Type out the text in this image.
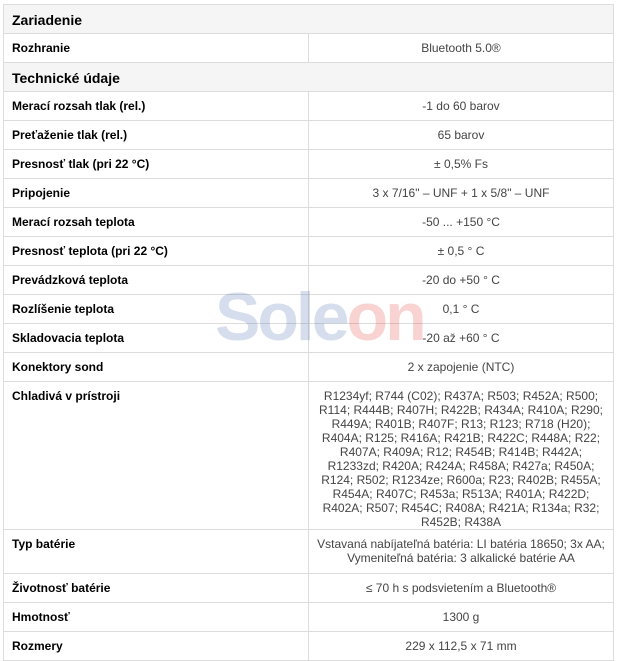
Zariadenie	
Rozhranie	Bluetooth 5.0®
Technické údaje	
Merací rozsah tlak (rel.)	-1 do 60 barov
Preťaženie tlak (rel.)	65 barov
Presnosť tlak (pri 22 °C)	± 0,5% Fs
Pripojenie	3 x 7/16" – UNF + 1 x 5/8" – UNF
Merací rozsah teplota	-50 ... +150 °C
Presnosť teplota (pri 22 °C)	± 0,5 ° C
Prevádzková teplota	-20 do +50 ° C
Rozlíšenie teplota	0,1 ° C
Skladovacia teplota	-20 až +60 ° C
Konektory sond	2 x zapojenie (NTC)
Chladivá v prístroji	R1234yf; R744 (C02); R437A; R503; R452A; R500; R114; R444B; R407H; R422B; R434A; R410A; R290; R449A; R401B; R407F; R13; R123; R718 (H20); R404A; R125; R416A; R421B; R422C; R448A; R22; R407A; R409A; R12; R454B; R414B; R442A; R1233zd; R420A; R424A; R458A; R427a; R450A; R124; R502; R1234ze; R600a; R23; R402B; R455A; R454A; R407C; R453a; R513A; R401A; R422D; R402A; R507; R454C; R408A; R421A; R134a; R32; R452B; R438A
Typ batérie	Vstavaná nabíjateľná batéria: LI batéria 18650; 3x AA; Vymeniteľná batéria: 3 alkalické batérie AA
Životnosť batérie	≤ 70 h s podsvietením a Bluetooth®
Hmotnosť	1300 g
Rozmery	229 x 112,5 x 71 mm
Soleon
